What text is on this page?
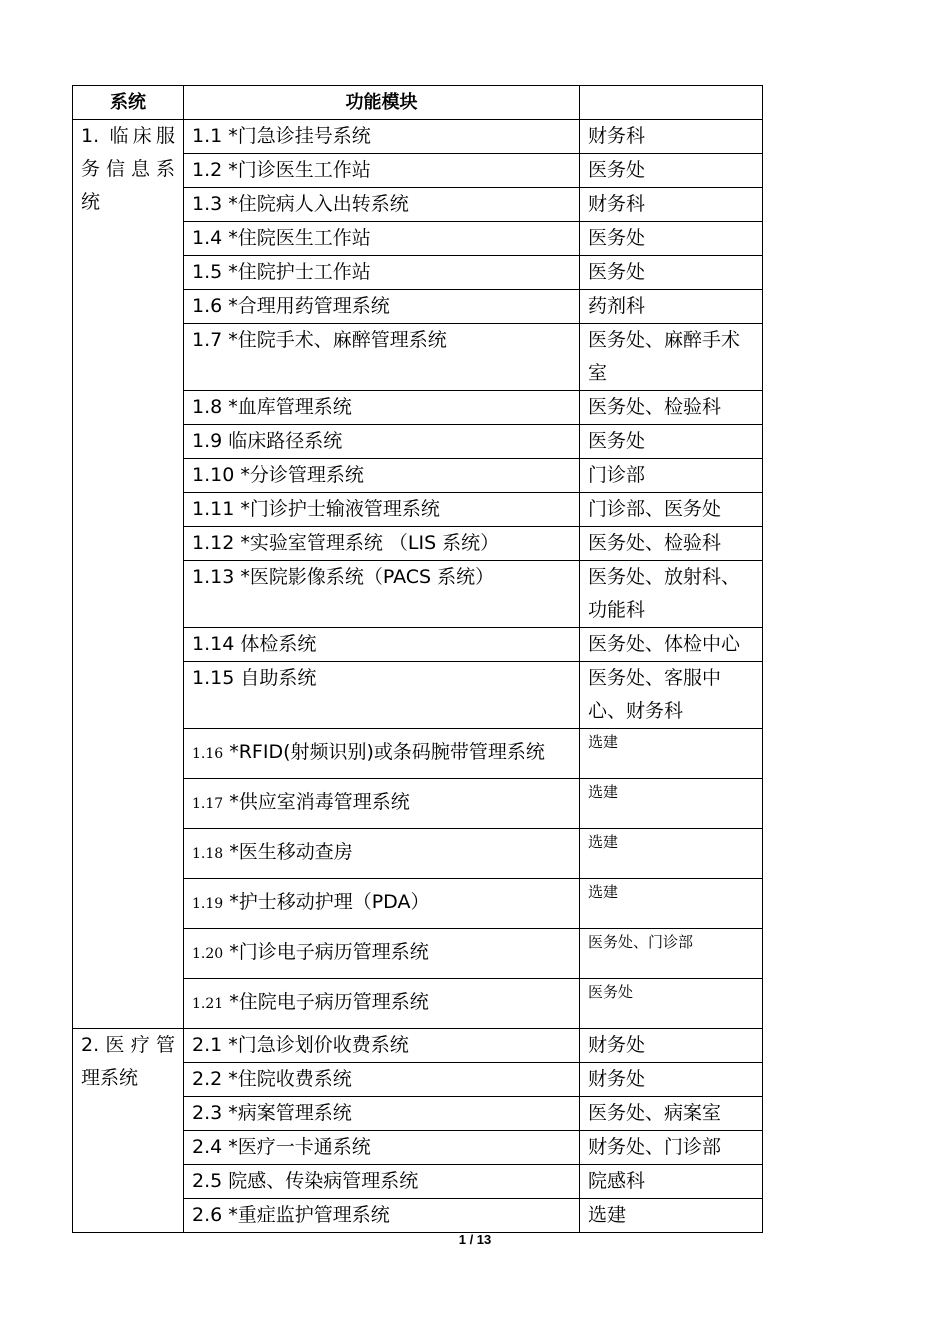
系统	功能模块	
1. 临床服务信息系统	1.1 *门急诊挂号系统	财务科
	1.2 *门诊医生工作站	医务处
	1.3 *住院病人入出转系统	财务科
	1.4 *住院医生工作站	医务处
	1.5 *住院护士工作站	医务处
	1.6 *合理用药管理系统	药剂科
	1.7 *住院手术、麻醉管理系统	医务处、麻醉手术室
	1.8 *血库管理系统	医务处、检验科
	1.9 临床路径系统	医务处
	1.10 *分诊管理系统	门诊部
	1.11 *门诊护士输液管理系统	门诊部、医务处
	1.12 *实验室管理系统 （LIS 系统）	医务处、检验科
	1.13 *医院影像系统（PACS 系统）	医务处、放射科、功能科
	1.14 体检系统	医务处、体检中心
	1.15 自助系统	医务处、客服中心、财务科
	1.16 *RFID(射频识别)或条码腕带管理系统	选建

	1.17 *供应室消毒管理系统	选建

	1.18 *医生移动查房	选建

	1.19 *护士移动护理（PDA）	选建

	1.20 *门诊电子病历管理系统	医务处、门诊部

	1.21 *住院电子病历管理系统	医务处

2.医疗管理系统	2.1 *门急诊划价收费系统	财务处
	2.2 *住院收费系统	财务处
	2.3 *病案管理系统	医务处、病案室
	2.4 *医疗一卡通系统	财务处、门诊部
	2.5 院感、传染病管理系统	院感科
	2.6 *重症监护管理系统	选建
1 / 13
